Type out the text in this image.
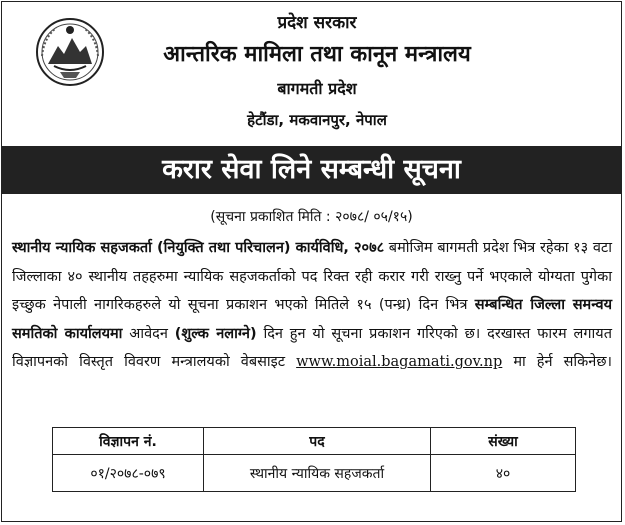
प्रदेश सरकार
आन्तरिक मामिला तथा कानून मन्त्रालय
बागमती प्रदेश
हेटौंडा, मकवानपुर, नेपाल
करार सेवा लिने सम्बन्धी सूचना
(सूचना प्रकाशित मिति : २०७८/ ०५/१५)
स्थानीय न्यायिक सहजकर्ता (नियुक्ति तथा परिचालन) कार्यविधि, २०७८ बमोजिम बागमती प्रदेश भित्र रहेका १३ वटा जिल्लाका ४० स्थानीय तहहरुमा न्यायिक सहजकर्ताको पद रिक्त रही करार गरी राख्नु पर्ने भएकाले योग्यता पुगेका इच्छुक नेपाली नागरिकहरुले यो सूचना प्रकाशन भएको मितिले १५ (पन्ध्र) दिन भित्र सम्बन्धित जिल्ला समन्वय समतिको कार्यालयमा आवेदन (शुल्क नलाग्ने) दिन हुन यो सूचना प्रकाशन गरिएको छ। दरखास्त फारम लगायत विज्ञापनको विस्तृत विवरण मन्त्रालयको वेबसाइट www.moial.bagamati.gov.np मा हेर्न सकिनेछ।
विज्ञापन नं.	पद	संख्या
०१/२०७८-०७९	स्थानीय न्यायिक सहजकर्ता	४०
